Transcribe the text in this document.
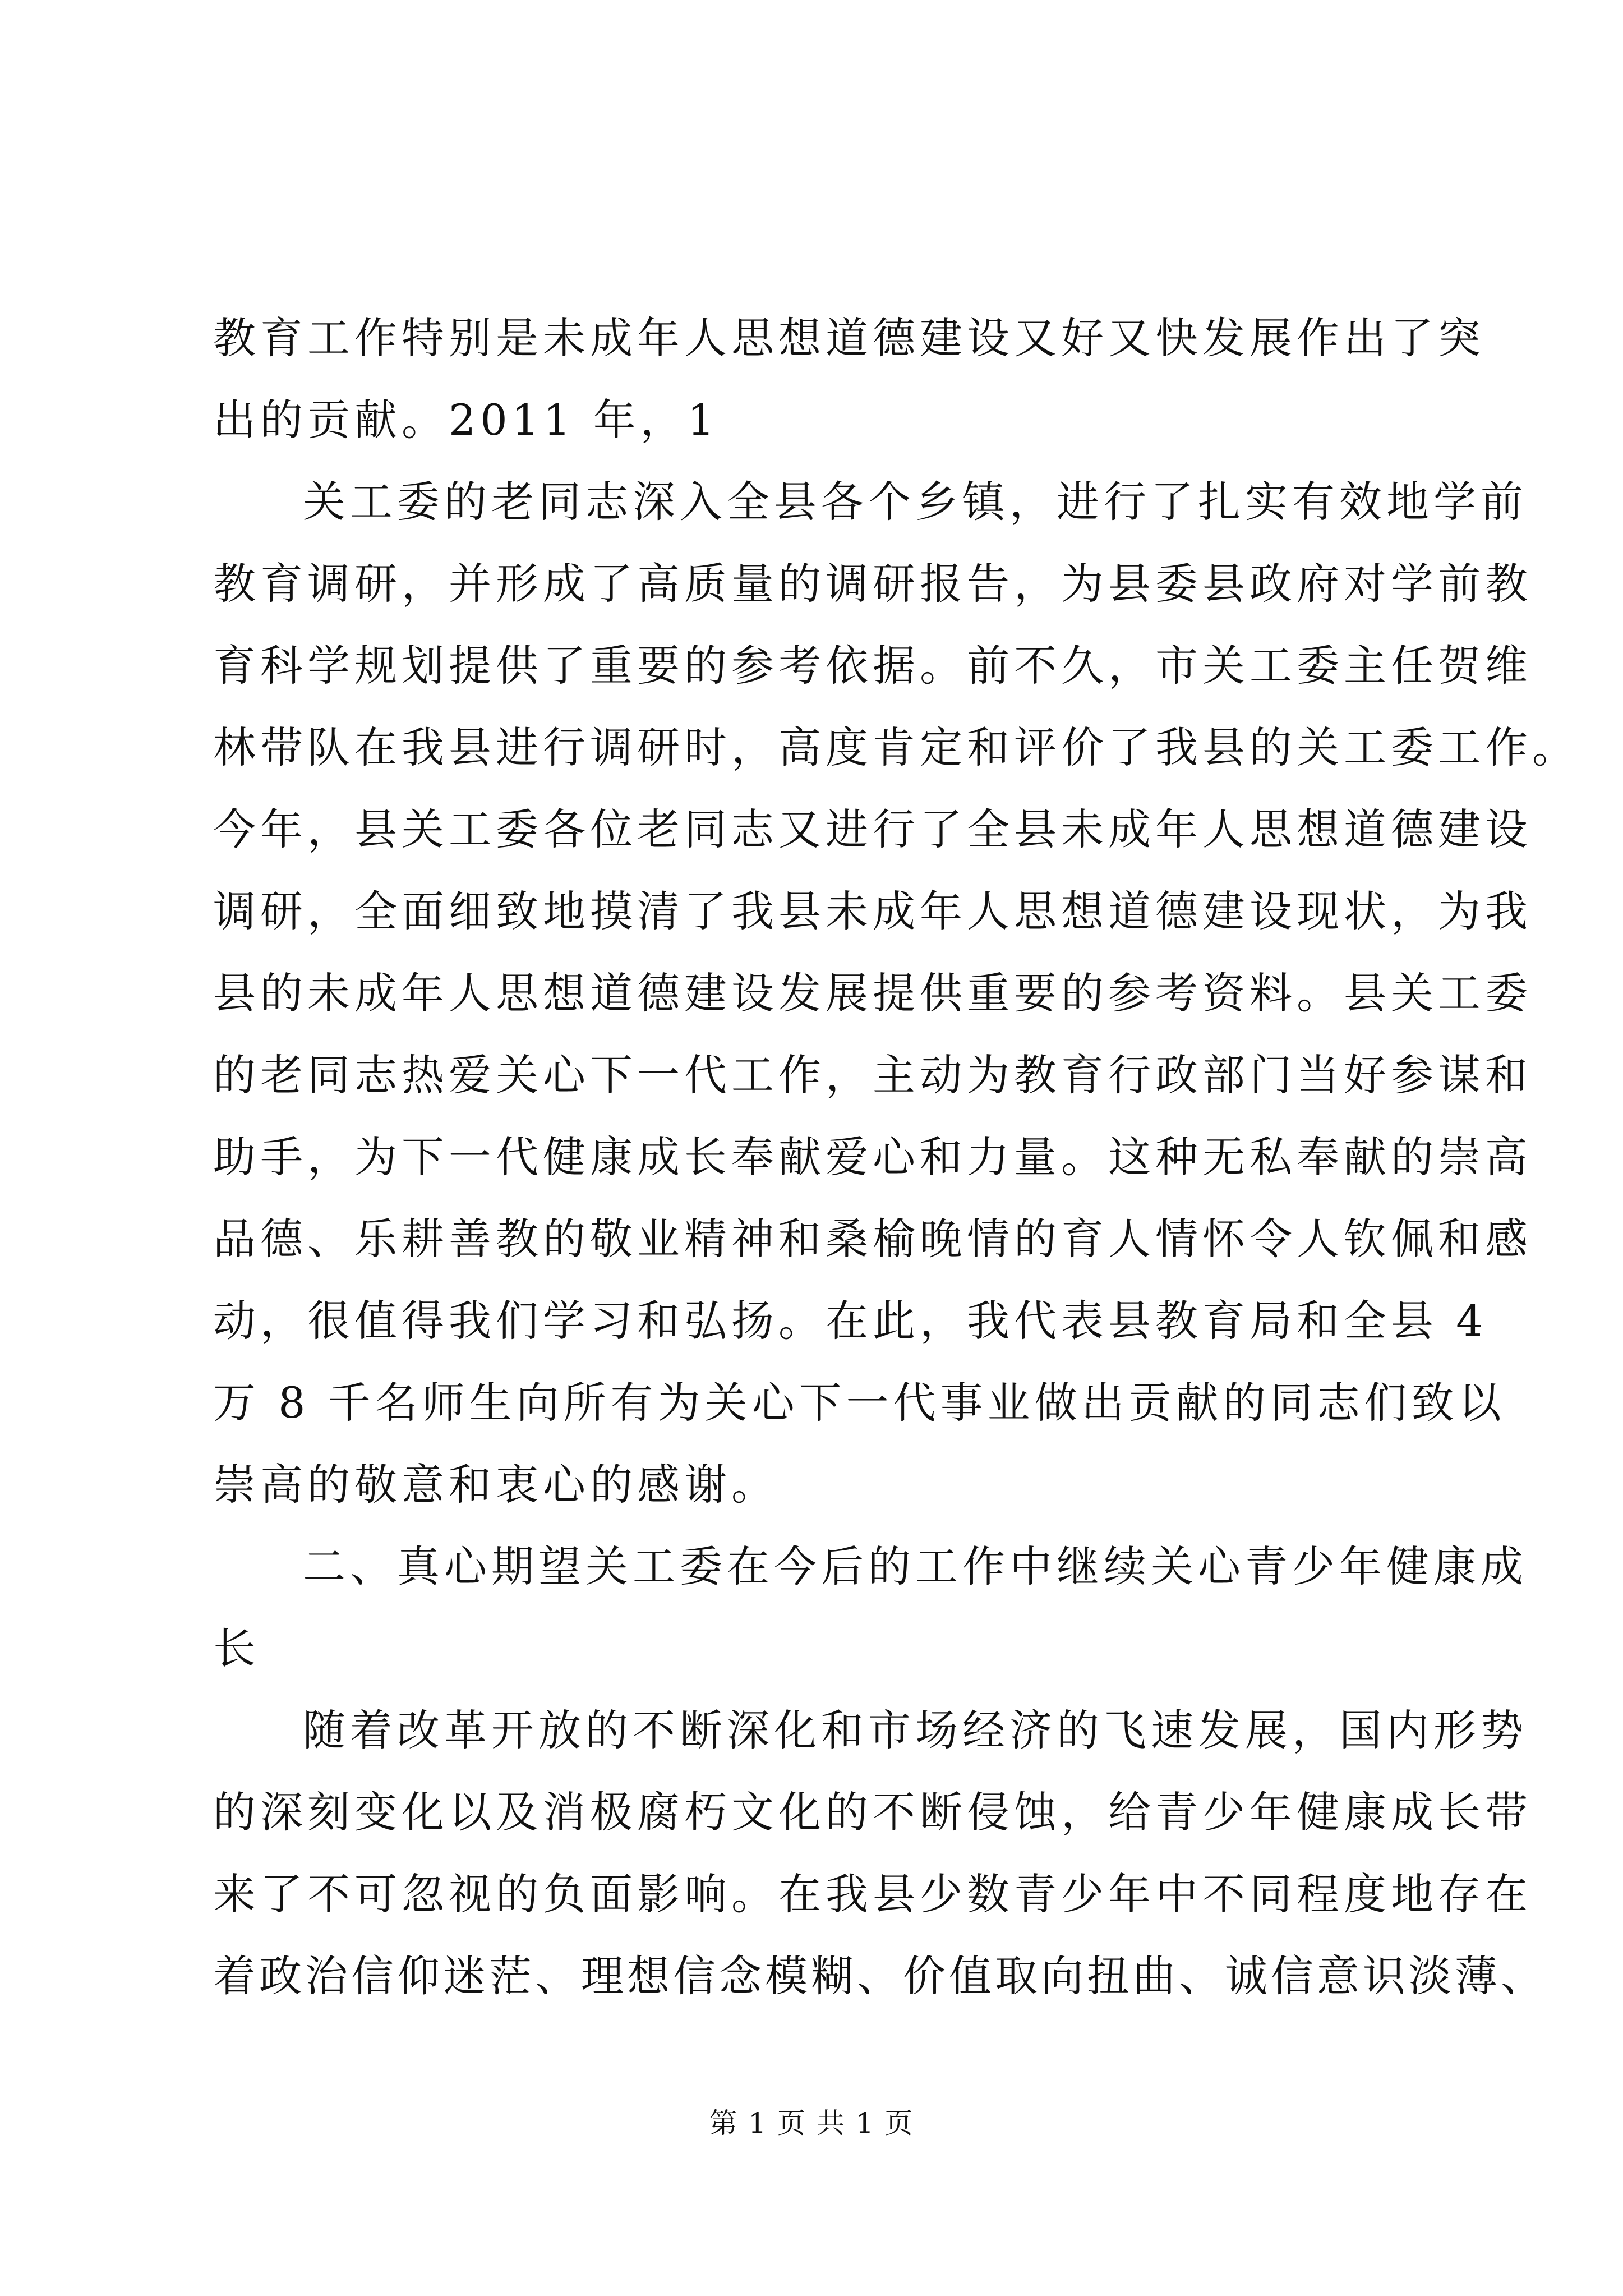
教育工作特别是未成年人思想道德建设又好又快发展作出了突
出的贡献。2011 年，1
关工委的老同志深入全县各个乡镇，进行了扎实有效地学前
教育调研，并形成了高质量的调研报告，为县委县政府对学前教
育科学规划提供了重要的参考依据。前不久，市关工委主任贺维
林带队在我县进行调研时，高度肯定和评价了我县的关工委工作。
今年，县关工委各位老同志又进行了全县未成年人思想道德建设
调研，全面细致地摸清了我县未成年人思想道德建设现状，为我
县的未成年人思想道德建设发展提供重要的参考资料。县关工委
的老同志热爱关心下一代工作，主动为教育行政部门当好参谋和
助手，为下一代健康成长奉献爱心和力量。这种无私奉献的崇高
品德、乐耕善教的敬业精神和桑榆晚情的育人情怀令人钦佩和感
动，很值得我们学习和弘扬。在此，我代表县教育局和全县 4
万 8 千名师生向所有为关心下一代事业做出贡献的同志们致以
崇高的敬意和衷心的感谢。
二、真心期望关工委在今后的工作中继续关心青少年健康成
长
随着改革开放的不断深化和市场经济的飞速发展，国内形势
的深刻变化以及消极腐朽文化的不断侵蚀，给青少年健康成长带
来了不可忽视的负面影响。在我县少数青少年中不同程度地存在
着政治信仰迷茫、理想信念模糊、价值取向扭曲、诚信意识淡薄、
第 1 页 共 1 页
